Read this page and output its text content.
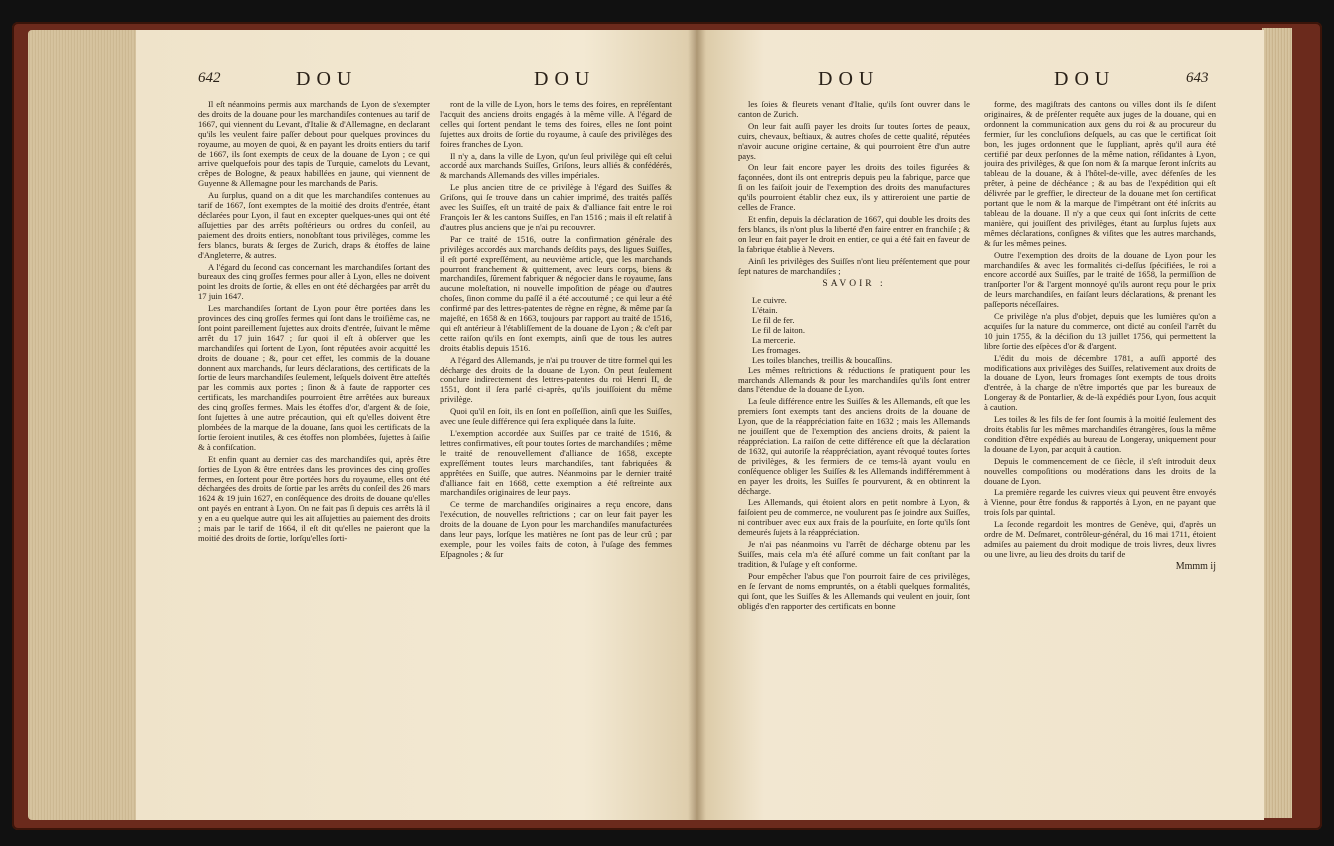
642	DOU	DOU

Il eſt néanmoins permis aux marchands de Lyon de s'exempter des droits de la douane pour les marchandiſes contenues au tarif de 1667, qui viennent du Levant, d'Italie & d'Allemagne, en declarant qu'ils les veulent faire paſſer debout pour quelques provinces du royaume, au moyen de quoi, & en payant les droits entiers du tarif de 1667, ils ſont exempts de ceux de la douane de Lyon ; ce qui arrive quelquefois pour des tapis de Turquie, camelots du Levant, crêpes de Bologne, & peaux habillées en jaune, qui viennent de Guyenne & Allemagne pour les marchands de Paris.

Au ſurplus, quand on a dit que les marchandiſes contenues au tarif de 1667, ſont exemptes de la moitié des droits d'entrée, étant déclarées pour Lyon, il faut en excepter quelques-unes qui ont été aſſujetties par des arrêts poſtérieurs ou ordres du conſeil, au paiement des droits entiers, nonobſtant tous privilèges, comme les fers blancs, burats & ſerges de Zurich, draps & étoffes de laine d'Angleterre, & autres.

A l'égard du ſecond cas concernant les marchandiſes ſortant des bureaux des cinq groſſes fermes pour aller à Lyon, elles ne doivent point les droits de ſortie, & elles en ont été déchargées par arrêt du 17 juin 1647.

Les marchandiſes ſortant de Lyon pour être portées dans les provinces des cinq groſſes fermes qui ſont dans le troiſième cas, ne ſont point pareillement ſujettes aux droits d'entrée, ſuivant le même arrêt du 17 juin 1647 ; ſur quoi il eſt à obſerver que les marchandiſes qui ſortent de Lyon, ſont réputées avoir acquitté les droits de douane ; &, pour cet effet, les commis de la douane donnent aux marchands, ſur leurs déclarations, des certificats de la ſortie de leurs marchandiſes ſeulement, leſquels doivent être atteſtés par les commis aux portes ; ſinon & à faute de rapporter ces certificats, les marchandiſes pourroient être arrêtées aux bureaux des cinq groſſes fermes. Mais les étoffes d'or, d'argent & de ſoie, ſont ſujettes à une autre précaution, qui eſt qu'elles doivent être plombées de la marque de la douane, ſans quoi les certificats de la ſortie ſeroient inutiles, & ces étoffes non plombées, ſujettes à ſaiſie & à confiſcation.

Et enfin quant au dernier cas des marchandiſes qui, après être ſorties de Lyon & être entrées dans les provinces des cinq groſſes fermes, en ſortent pour être portées hors du royaume, elles ont été déchargées des droits de ſortie par les arrêts du conſeil des 26 mars 1624 & 19 juin 1627, en conſéquence des droits de douane qu'elles ont payés en entrant à Lyon. On ne fait pas ſi depuis ces arrêts là il y en a eu quelque autre qui les ait aſſujetties au paiement des droits ; mais par le tarif de 1664, il eſt dit qu'elles ne paieront que la moitié des droits de ſortie, lorſqu'elles ſorti-

ront de la ville de Lyon, hors le tems des foires, en repréſentant l'acquit des anciens droits engagés à la même ville. A l'égard de celles qui ſortent pendant le tems des foires, elles ne ſont point ſujettes aux droits de ſortie du royaume, à cauſe des privilèges des foires franches de Lyon.

Il n'y a, dans la ville de Lyon, qu'un ſeul privilège qui eſt celui accordé aux marchands Suiſſes, Griſons, leurs alliés & confédérés, & marchands Allemands des villes impériales.

Le plus ancien titre de ce privilège à l'égard des Suiſſes & Griſons, qui ſe trouve dans un cahier imprimé, des traités paſſés avec les Suiſſes, eſt un traité de paix & d'alliance fait entre le roi François Ier & les cantons Suiſſes, en l'an 1516 ; mais il eſt relatif à d'autres plus anciens que je n'ai pu recouvrer.

Par ce traité de 1516, outre la confirmation générale des privilèges accordés aux marchands deſdits pays, des ligues Suiſſes, il eſt porté expreſſément, au neuvième article, que les marchands pourront franchement & quittement, avec leurs corps, biens & marchandiſes, ſûrement fabriquer & négocier dans le royaume, ſans aucune moleſtation, ni nouvelle impoſition de péage ou d'autres choſes, ſinon comme du paſſé il a été accoutumé ; ce qui leur a été confirmé par des lettres-patentes de règne en règne, & même par ſa majeſté, en 1658 & en 1663, toujours par rapport au traité de 1516, qui eſt antérieur à l'établiſſement de la douane de Lyon ; & c'eſt par cette raiſon qu'ils en ſont exempts, ainſi que de tous les autres droits établis depuis 1516.

A l'égard des Allemands, je n'ai pu trouver de titre formel qui les décharge des droits de la douane de Lyon. On peut ſeulement conclure indirectement des lettres-patentes du roi Henri II, de 1551, dont il ſera parlé ci-après, qu'ils jouiſſoient du même privilège.

Quoi qu'il en ſoit, ils en ſont en poſſeſſion, ainſi que les Suiſſes, avec une ſeule différence qui ſera expliquée dans la ſuite.

L'exemption accordée aux Suiſſes par ce traité de 1516, & lettres confirmatives, eſt pour toutes ſortes de marchandiſes ; même le traité de renouvellement d'alliance de 1658, excepte expreſſément toutes leurs marchandiſes, tant fabriquées & apprêtées en Suiſſe, que autres. Néanmoins par le dernier traité d'alliance fait en 1668, cette exemption a été reſtreinte aux marchandiſes originaires de leur pays.

Ce terme de marchandiſes originaires a reçu encore, dans l'exécution, de nouvelles reſtrictions ; car on leur fait payer les droits de la douane de Lyon pour les marchandiſes manufacturées dans leur pays, lorſque les matières ne ſont pas de leur crû ; par exemple, pour les voiles faits de coton, à l'uſage des femmes Eſpagnoles ; & ſur

DOU	DOU	643

les ſoies & fleurets venant d'Italie, qu'ils ſont ouvrer dans le canton de Zurich.

On leur fait auſſi payer les droits ſur toutes ſortes de peaux, cuirs, chevaux, beſtiaux, & autres choſes de cette qualité, réputées n'avoir aucune origine certaine, & qui pourroient être d'un autre pays.

On leur fait encore payer les droits des toiles figurées & façonnées, dont ils ont entrepris depuis peu la fabrique, parce que ſi on les faiſoit jouir de l'exemption des droits des manufactures qu'ils pourroient établir chez eux, ils y attireroient une partie de celles de France.

Et enfin, depuis la déclaration de 1667, qui double les droits des fers blancs, ils n'ont plus la liberté d'en faire entrer en franchiſe ; & on leur en fait payer le droit en entier, ce qui a été fait en faveur de la fabrique établie à Nevers.

Ainſi les privilèges des Suiſſes n'ont lieu préſentement que pour ſept natures de marchandiſes ;

SAVOIR :

Le cuivre.

L'étain.

Le fil de fer.

Le fil de laiton.

La mercerie.

Les fromages.

Les toiles blanches, treillis & boucaſſins.

Les mêmes reſtrictions & réductions ſe pratiquent pour les marchands Allemands & pour les marchandiſes qu'ils ſont entrer dans l'étendue de la douane de Lyon.

La ſeule différence entre les Suiſſes & les Allemands, eſt que les premiers ſont exempts tant des anciens droits de la douane de Lyon, que de la réappréciation faite en 1632 ; mais les Allemands ne jouiſſent que de l'exemption des anciens droits, & paient la réappréciation. La raiſon de cette différence eſt que la déclaration de 1632, qui autoriſe la réappréciation, ayant révoqué toutes ſortes de privilèges, & les fermiers de ce tems-là ayant voulu en conſéquence obliger les Suiſſes & les Allemands indifféremment à en payer les droits, les Suiſſes ſe pourvurent, & en obtinrent la décharge.

Les Allemands, qui étoient alors en petit nombre à Lyon, & faiſoient peu de commerce, ne voulurent pas ſe joindre aux Suiſſes, ni contribuer avec eux aux frais de la pourſuite, en ſorte qu'ils ſont demeurés ſujets à la réappréciation.

Je n'ai pas néanmoins vu l'arrêt de décharge obtenu par les Suiſſes, mais cela m'a été aſſuré comme un fait conſtant par la tradition, & l'uſage y eſt conforme.

Pour empêcher l'abus que l'on pourroit faire de ces privilèges, en ſe ſervant de noms empruntés, on a établi quelques formalités, qui ſont, que les Suiſſes & les Allemands qui veulent en jouir, ſont obligés d'en rapporter des certificats en bonne

forme, des magiſtrats des cantons ou villes dont ils ſe diſent originaires, & de préſenter requête aux juges de la douane, qui en ordonnent la communication aux gens du roi & au procureur du fermier, ſur les concluſions deſquels, au cas que le certificat ſoit bon, les juges ordonnent que le ſuppliant, après qu'il aura été certifié par deux perſonnes de la même nation, réſidantes à Lyon, jouira des privilèges, & que ſon nom & ſa marque ſeront inſcrits au tableau de la douane, & à l'hôtel-de-ville, avec défenſes de les prêter, à peine de déchéance ; & au bas de l'expédition qui eſt délivrée par le greffier, le directeur de la douane met ſon certificat portant que le nom & la marque de l'impétrant ont été inſcrits au tableau de la douane. Il n'y a que ceux qui ſont inſcrits de cette manière, qui jouiſſent des privilèges, étant au ſurplus ſujets aux mêmes déclarations, conſignes & viſites que les autres marchands, & ſur les mêmes peines.

Outre l'exemption des droits de la douane de Lyon pour les marchandiſes & avec les formalités ci-deſſus ſpécifiées, le roi a encore accordé aux Suiſſes, par le traité de 1658, la permiſſion de tranſporter l'or & l'argent monnoyé qu'ils auront reçu pour le prix de leurs marchandiſes, en faiſant leurs déclarations, & prenant les paſſeports néceſſaires.

Ce privilège n'a plus d'objet, depuis que les lumières qu'on a acquiſes ſur la nature du commerce, ont dicté au conſeil l'arrêt du 10 juin 1755, & la déciſion du 13 juillet 1756, qui permettent la libre ſortie des eſpèces d'or & d'argent.

L'édit du mois de décembre 1781, a auſſi apporté des modifications aux privilèges des Suiſſes, relativement aux droits de la douane de Lyon, leurs fromages ſont exempts de tous droits d'entrée, à la charge de n'être importés que par les bureaux de Longeray & de Pontarlier, & de-là expédiés pour Lyon, ſous acquit à caution.

Les toiles & les fils de fer ſont ſoumis à la moitié ſeulement des droits établis ſur les mêmes marchandiſes étrangères, ſous la même condition d'être expédiés au bureau de Longeray, uniquement pour la douane de Lyon, par acquit à caution.

Depuis le commencement de ce ſiècle, il s'eſt introduit deux nouvelles compoſitions ou modérations dans les droits de la douane de Lyon.

La première regarde les cuivres vieux qui peuvent être envoyés à Vienne, pour être fondus & rapportés à Lyon, en ne payant que trois ſols par quintal.

La ſeconde regardoit les montres de Genève, qui, d'après un ordre de M. Deſmaret, contrôleur-général, du 16 mai 1711, étoient admiſes au paiement du droit modique de trois livres, deux livres ou une livre, au lieu des droits du tarif de

Mmmm ij
